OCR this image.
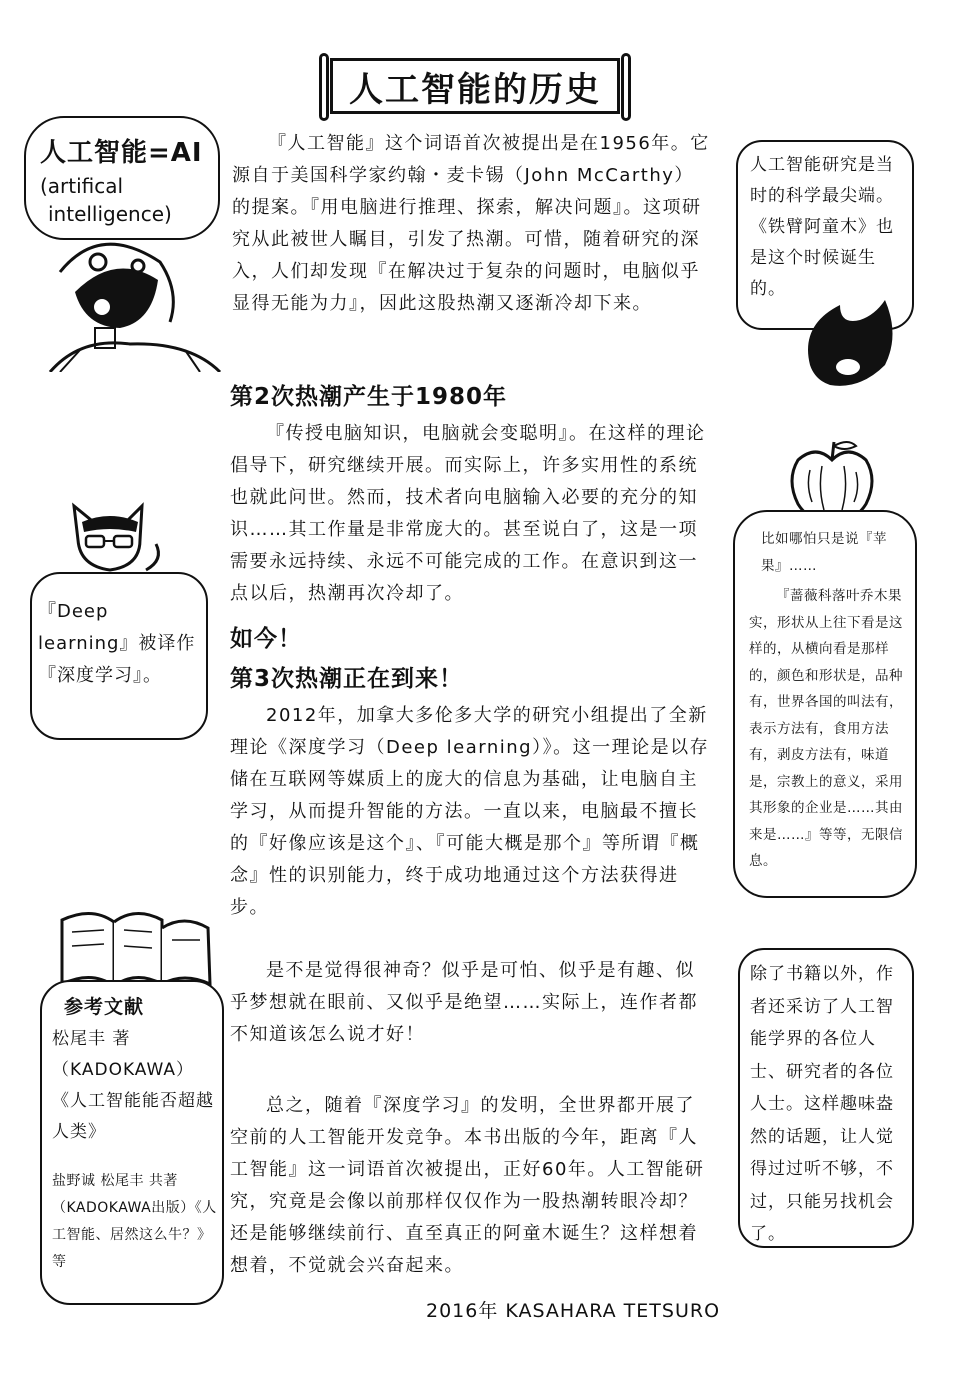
人工智能的历史
人工智能=AI
(artifical
intelligence)

『人工智能』这个词语首次被提出是在1956年。它源自于美国科学家约翰・麦卡锡（John McCarthy）的提案。『用电脑进行推理、探索，解决问题』。这项研究从此被世人瞩目，引发了热潮。可惜，随着研究的深入，人们却发现『在解决过于复杂的问题时，电脑似乎显得无能为力』，因此这股热潮又逐渐冷却下来。

人工智能研究是当时的科学最尖端。《铁臂阿童木》也是这个时候诞生的。

第2次热潮产生于1980年

『传授电脑知识，电脑就会变聪明』。在这样的理论倡导下，研究继续开展。而实际上，许多实用性的系统也就此问世。然而，技术者向电脑输入必要的充分的知识……其工作量是非常庞大的。甚至说白了，这是一项需要永远持续、永远不可能完成的工作。在意识到这一点以后，热潮再次冷却了。

比如哪怕只是说『苹果』……

『蔷薇科落叶乔木果实，形状从上往下看是这样的，从横向看是那样的，颜色和形状是，品种有，世界各国的叫法有，表示方法有，食用方法有，剥皮方法有，味道是，宗教上的意义，采用其形象的企业是……其由来是……』等等，无限信息。

『Deep learning』被译作『深度学习』。

如今！
第3次热潮正在到来！

2012年，加拿大多伦多大学的研究小组提出了全新理论《深度学习（Deep learning）》。这一理论是以存储在互联网等媒质上的庞大的信息为基础，让电脑自主学习，从而提升智能的方法。一直以来，电脑最不擅长的『好像应该是这个』、『可能大概是那个』等所谓『概念』性的识别能力，终于成功地通过这个方法获得进步。

参考文献

松尾丰 著（KADOKAWA）《人工智能能否超越人类》

盐野诚 松尾丰 共著（KADOKAWA出版）《人工智能、居然这么牛？》等

是不是觉得很神奇？似乎是可怕、似乎是有趣、似乎梦想就在眼前、又似乎是绝望……实际上，连作者都不知道该怎么说才好！

总之，随着『深度学习』的发明，全世界都开展了空前的人工智能开发竞争。本书出版的今年，距离『人工智能』这一词语首次被提出，正好60年。人工智能研究，究竟是会像以前那样仅仅作为一股热潮转眼冷却？还是能够继续前行、直至真正的阿童木诞生？这样想着想着，不觉就会兴奋起来。

除了书籍以外，作者还采访了人工智能学界的各位人士、研究者的各位人士。这样趣味盎然的话题，让人觉得过过听不够，不过，只能另找机会了。

2016年 KASAHARA TETSURO
